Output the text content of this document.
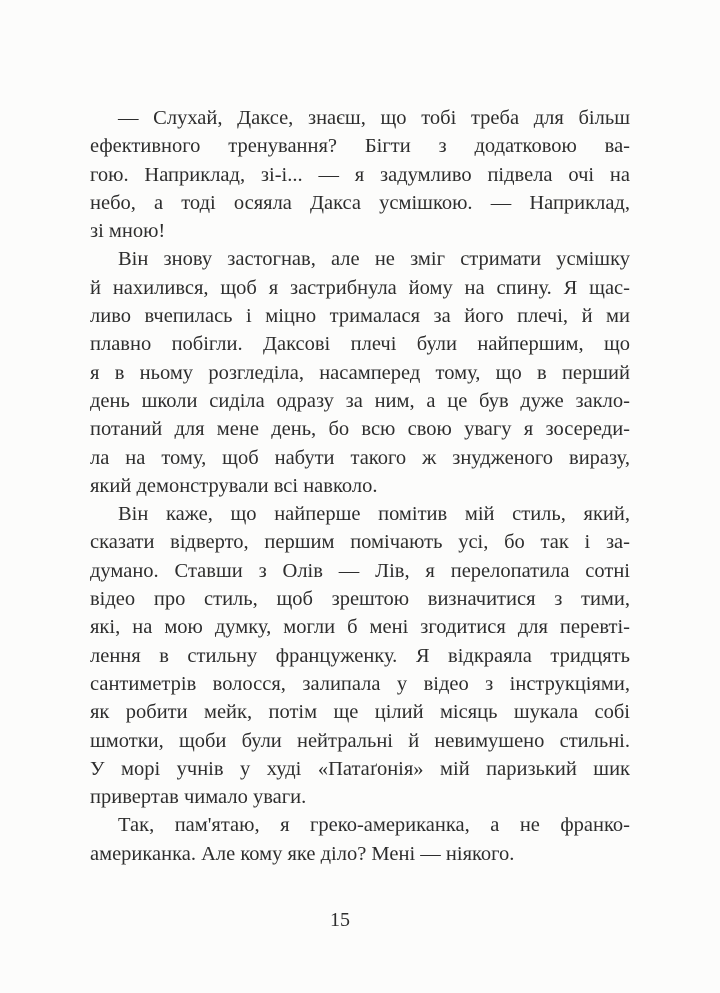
— Слухай, Даксе, знаєш, що тобі треба для більш
ефективного тренування? Бігти з додатковою ва-
гою. Наприклад, зі-і... — я задумливо підвела очі на
небо, а тоді осяяла Дакса усмішкою. — Наприклад,
зі мною!
Він знову застогнав, але не зміг стримати усмішку
й нахилився, щоб я застрибнула йому на спину. Я щас-
ливо вчепилась і міцно трималася за його плечі, й ми
плавно побігли. Даксові плечі були найпершим, що
я в ньому розгледіла, насамперед тому, що в перший
день школи сиділа одразу за ним, а це був дуже закло-
потаний для мене день, бо всю свою увагу я зосереди-
ла на тому, щоб набути такого ж знудженого виразу,
який демонстрували всі навколо.
Він каже, що найперше помітив мій стиль, який,
сказати відверто, першим помічають усі, бо так і за-
думано. Ставши з Олів — Лів, я перелопатила сотні
відео про стиль, щоб зрештою визначитися з тими,
які, на мою думку, могли б мені згодитися для перевті-
лення в стильну француженку. Я відкраяла тридцять
сантиметрів волосся, залипала у відео з інструкціями,
як робити мейк, потім ще цілий місяць шукала собі
шмотки, щоби були нейтральні й невимушено стильні.
У морі учнів у худі «Патаґонія» мій паризький шик
привертав чимало уваги.
Так, пам'ятаю, я греко-американка, а не франко-
американка. Але кому яке діло? Мені — ніякого.
15
